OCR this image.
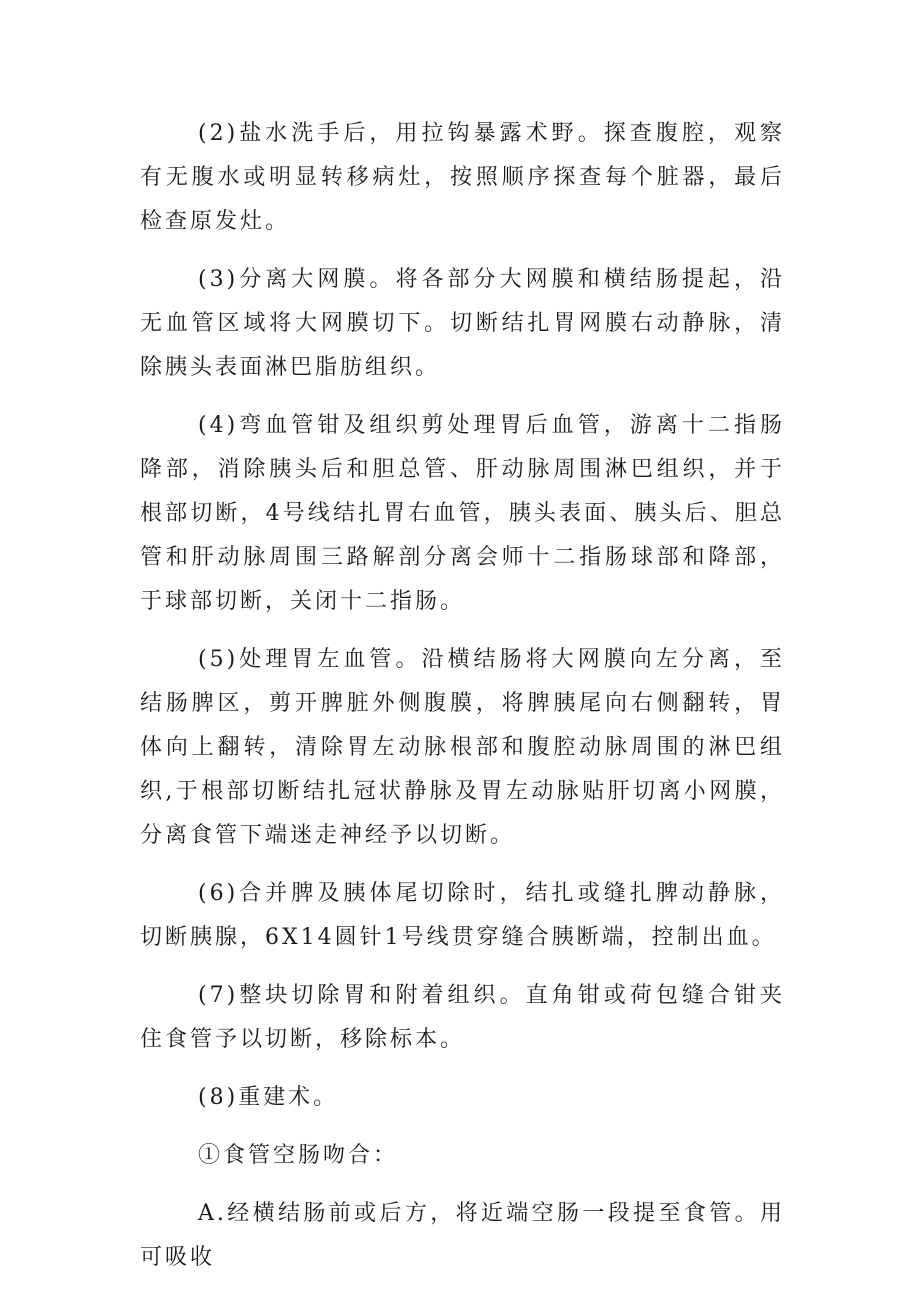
(2)盐水洗手后，用拉钩暴露术野。探查腹腔，观察有无腹水或明显转移病灶，按照顺序探查每个脏器，最后检查原发灶。

(3)分离大网膜。将各部分大网膜和横结肠提起，沿无血管区域将大网膜切下。切断结扎胃网膜右动静脉，清除胰头表面淋巴脂肪组织。

(4)弯血管钳及组织剪处理胃后血管，游离十二指肠降部，消除胰头后和胆总管、肝动脉周围淋巴组织，并于根部切断，4号线结扎胃右血管，胰头表面、胰头后、胆总管和肝动脉周围三路解剖分离会师十二指肠球部和降部，于球部切断，关闭十二指肠。

(5)处理胃左血管。沿横结肠将大网膜向左分离，至结肠脾区，剪开脾脏外侧腹膜，将脾胰尾向右侧翻转，胃体向上翻转，清除胃左动脉根部和腹腔动脉周围的淋巴组织,于根部切断结扎冠状静脉及胃左动脉贴肝切离小网膜，分离食管下端迷走神经予以切断。

(6)合并脾及胰体尾切除时，结扎或缝扎脾动静脉，切断胰腺，6X14圆针1号线贯穿缝合胰断端，控制出血。

(7)整块切除胃和附着组织。直角钳或荷包缝合钳夹住食管予以切断，移除标本。

(8)重建术。

①食管空肠吻合：

A.经横结肠前或后方，将近端空肠一段提至食管。用可吸收
